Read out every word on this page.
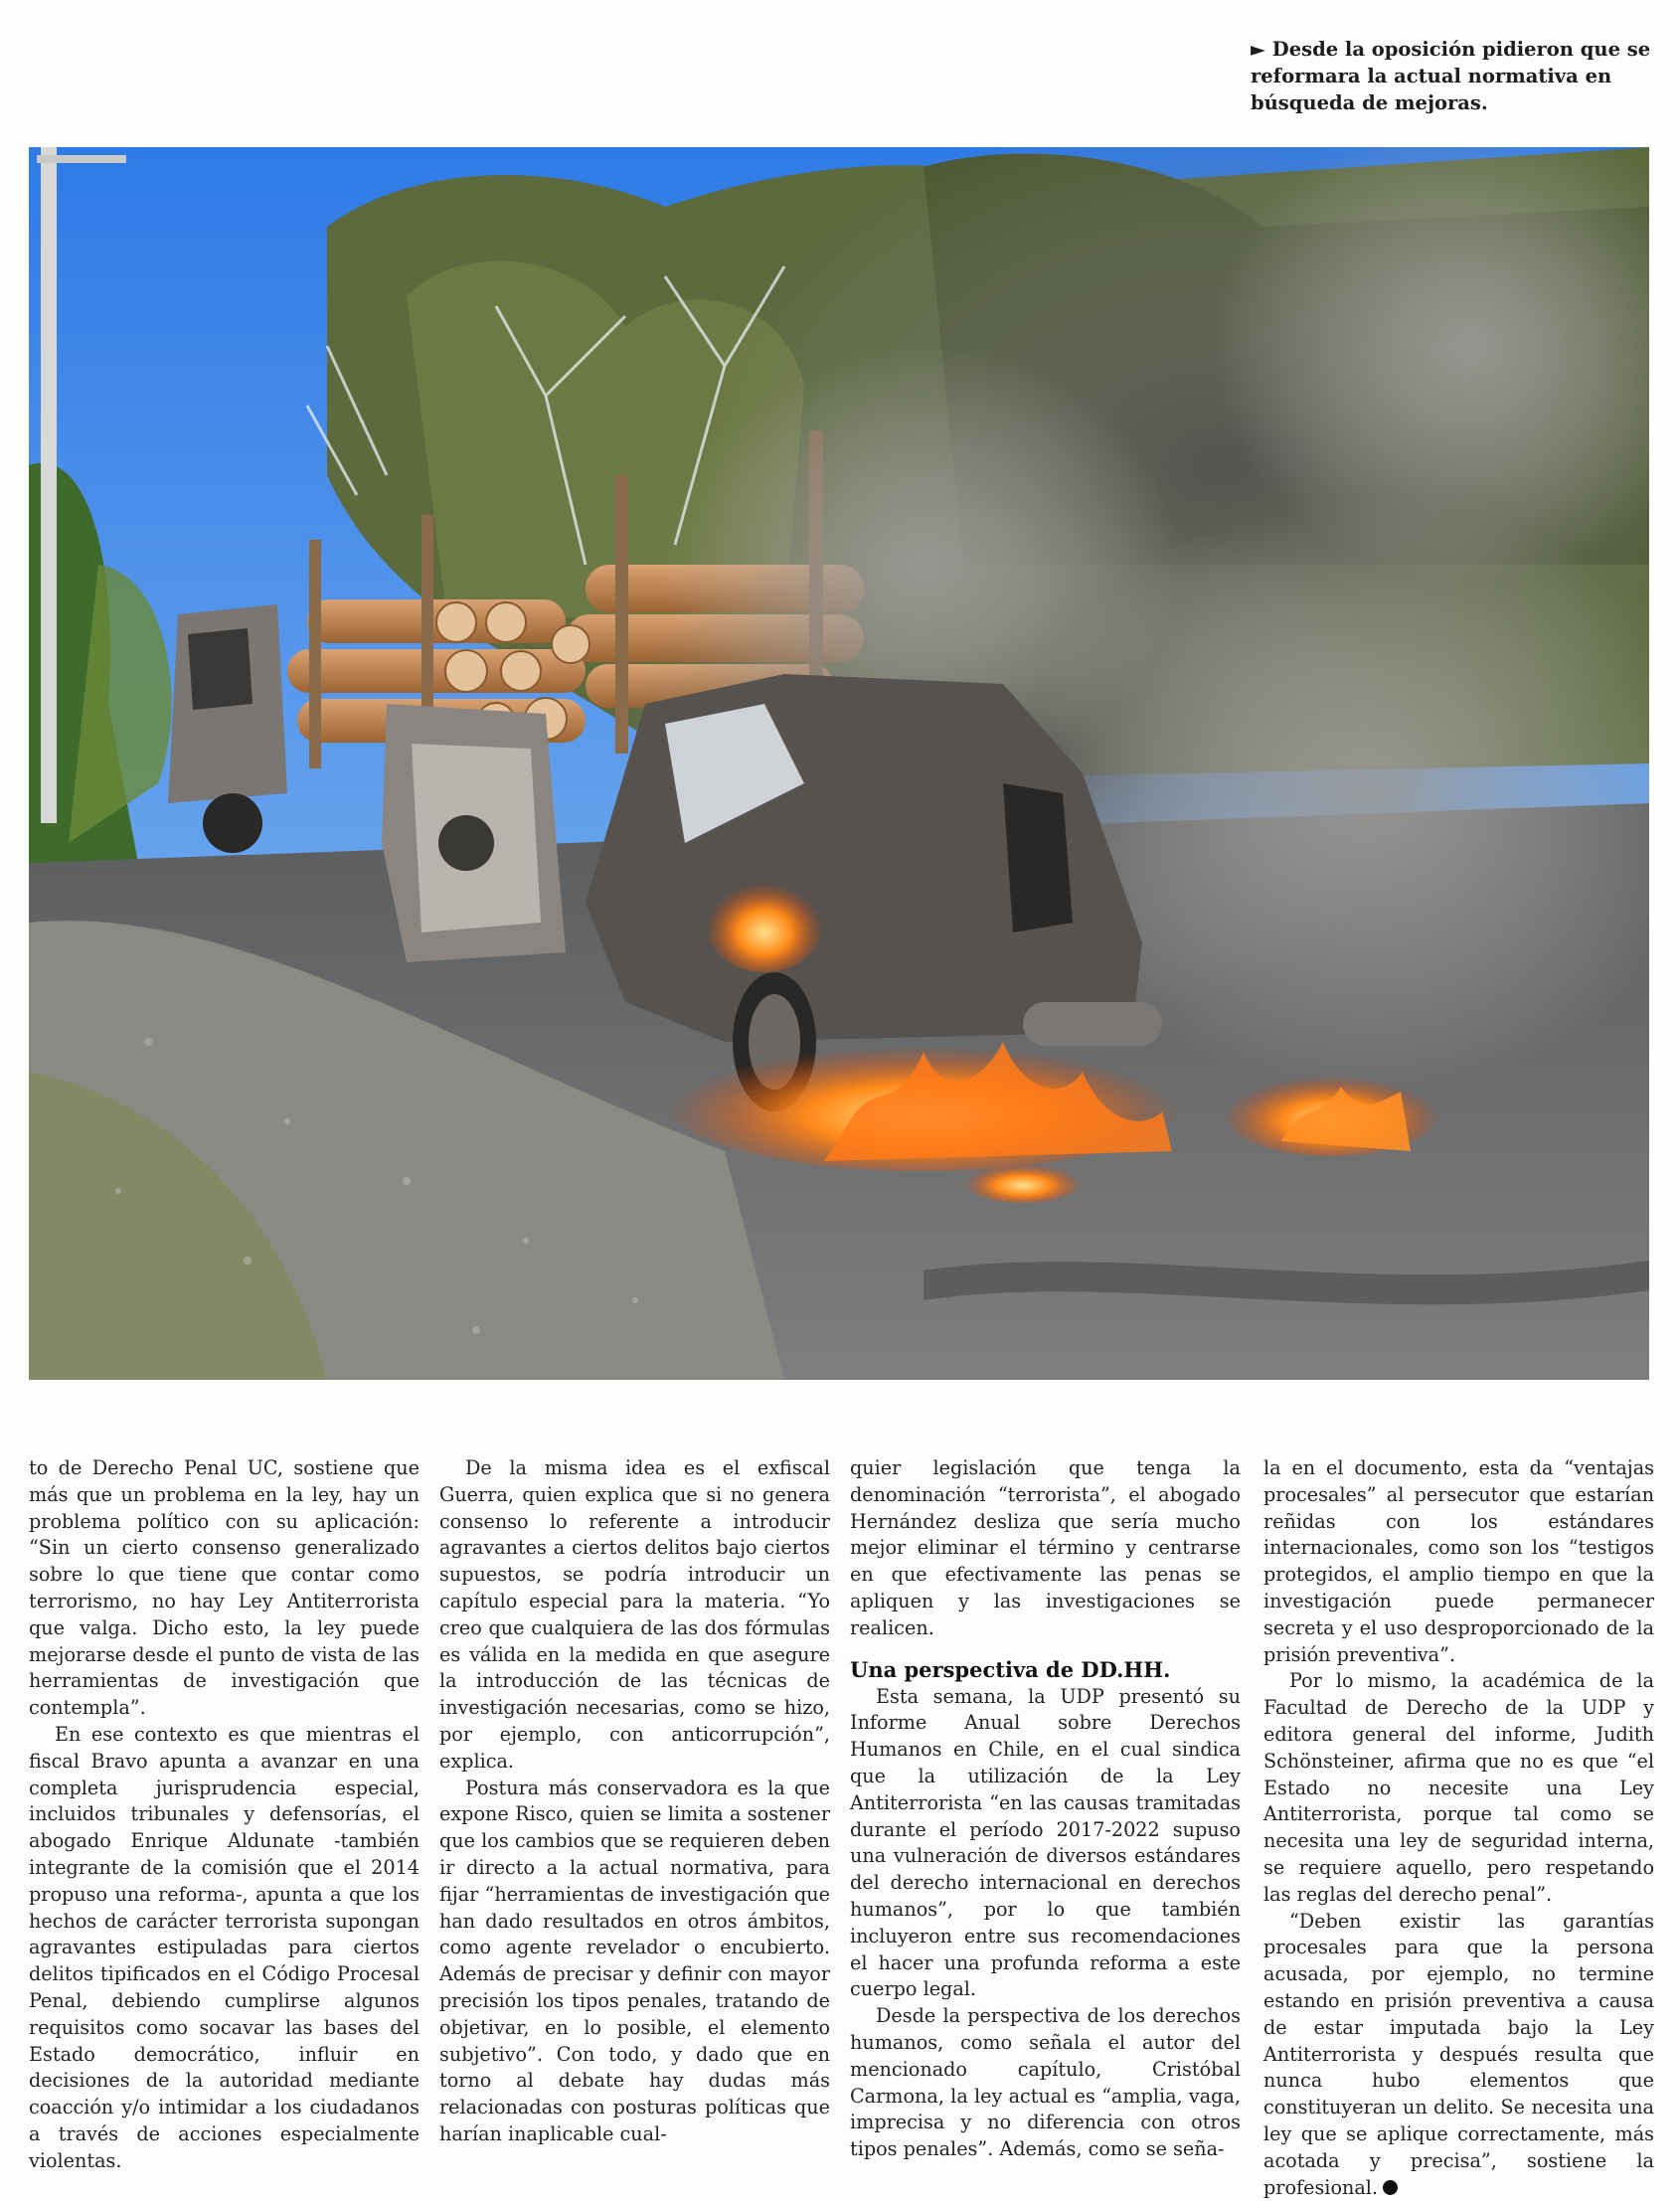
► Desde la oposición pidieron que se reformara la actual normativa en búsqueda de mejoras.

to de Derecho Penal UC, sostiene que más que un problema en la ley, hay un problema político con su aplicación: “Sin un cierto consenso generalizado sobre lo que tiene que contar como terrorismo, no hay Ley Antiterrorista que valga. Dicho esto, la ley puede mejorarse desde el punto de vista de las herramientas de investigación que contempla”.

En ese contexto es que mientras el fiscal Bravo apunta a avanzar en una completa jurisprudencia especial, incluidos tribunales y defensorías, el abogado Enrique Aldunate -también integrante de la comisión que el 2014 propuso una reforma-, apunta a que los hechos de carácter terrorista supongan agravantes estipuladas para ciertos delitos tipificados en el Código Procesal Penal, debiendo cumplirse algunos requisitos como socavar las bases del Estado democrático, influir en decisiones de la autoridad mediante coacción y/o intimidar a los ciudadanos a través de acciones especialmente violentas.

De la misma idea es el exfiscal Guerra, quien explica que si no genera consenso lo referente a introducir agravantes a ciertos delitos bajo ciertos supuestos, se podría introducir un capítulo especial para la materia. “Yo creo que cualquiera de las dos fórmulas es válida en la medida en que asegure la introducción de las técnicas de investigación necesarias, como se hizo, por ejemplo, con anticorrupción”, explica.

Postura más conservadora es la que expone Risco, quien se limita a sostener que los cambios que se requieren deben ir directo a la actual normativa, para fijar “herramientas de investigación que han dado resultados en otros ámbitos, como agente revelador o encubierto. Además de precisar y definir con mayor precisión los tipos penales, tratando de objetivar, en lo posible, el elemento subjetivo”. Con todo, y dado que en torno al debate hay dudas más relacionadas con posturas políticas que harían inaplicable cual-

quier legislación que tenga la denominación “terrorista”, el abogado Hernández desliza que sería mucho mejor eliminar el término y centrarse en que efectivamente las penas se apliquen y las investigaciones se realicen.

Una perspectiva de DD.HH.

Esta semana, la UDP presentó su Informe Anual sobre Derechos Humanos en Chile, en el cual sindica que la utilización de la Ley Antiterrorista “en las causas tramitadas durante el período 2017-2022 supuso una vulneración de diversos estándares del derecho internacional en derechos humanos”, por lo que también incluyeron entre sus recomendaciones el hacer una profunda reforma a este cuerpo legal.

Desde la perspectiva de los derechos humanos, como señala el autor del mencionado capítulo, Cristóbal Carmona, la ley actual es “amplia, vaga, imprecisa y no diferencia con otros tipos penales”. Además, como se seña-

la en el documento, esta da “ventajas procesales” al persecutor que estarían reñidas con los estándares internacionales, como son los “testigos protegidos, el amplio tiempo en que la investigación puede permanecer secreta y el uso desproporcionado de la prisión preventiva”.

Por lo mismo, la académica de la Facultad de Derecho de la UDP y editora general del informe, Judith Schönsteiner, afirma que no es que “el Estado no necesite una Ley Antiterrorista, porque tal como se necesita una ley de seguridad interna, se requiere aquello, pero respetando las reglas del derecho penal”.

“Deben existir las garantías procesales para que la persona acusada, por ejemplo, no termine estando en prisión preventiva a causa de estar imputada bajo la Ley Antiterrorista y después resulta que nunca hubo elementos que constituyeran un delito. Se necesita una ley que se aplique correctamente, más acotada y precisa”, sostiene la profesional.
